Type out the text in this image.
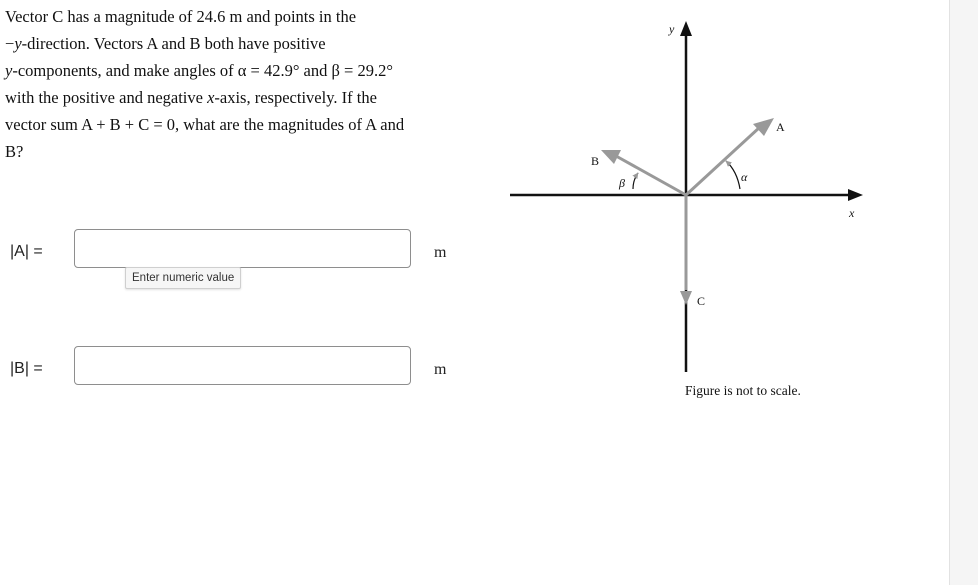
Vector C has a magnitude of 24.6 m and points in the
−y-direction. Vectors A and B both have positive
y-components, and make angles of α = 42.9° and β = 29.2°
with the positive and negative x-axis, respectively. If the
vector sum A + B + C = 0, what are the magnitudes of A and
B?
|A| =	m
Enter numeric value
|B| =	m
A
B
C
α
β
x
y
Figure is not to scale.
